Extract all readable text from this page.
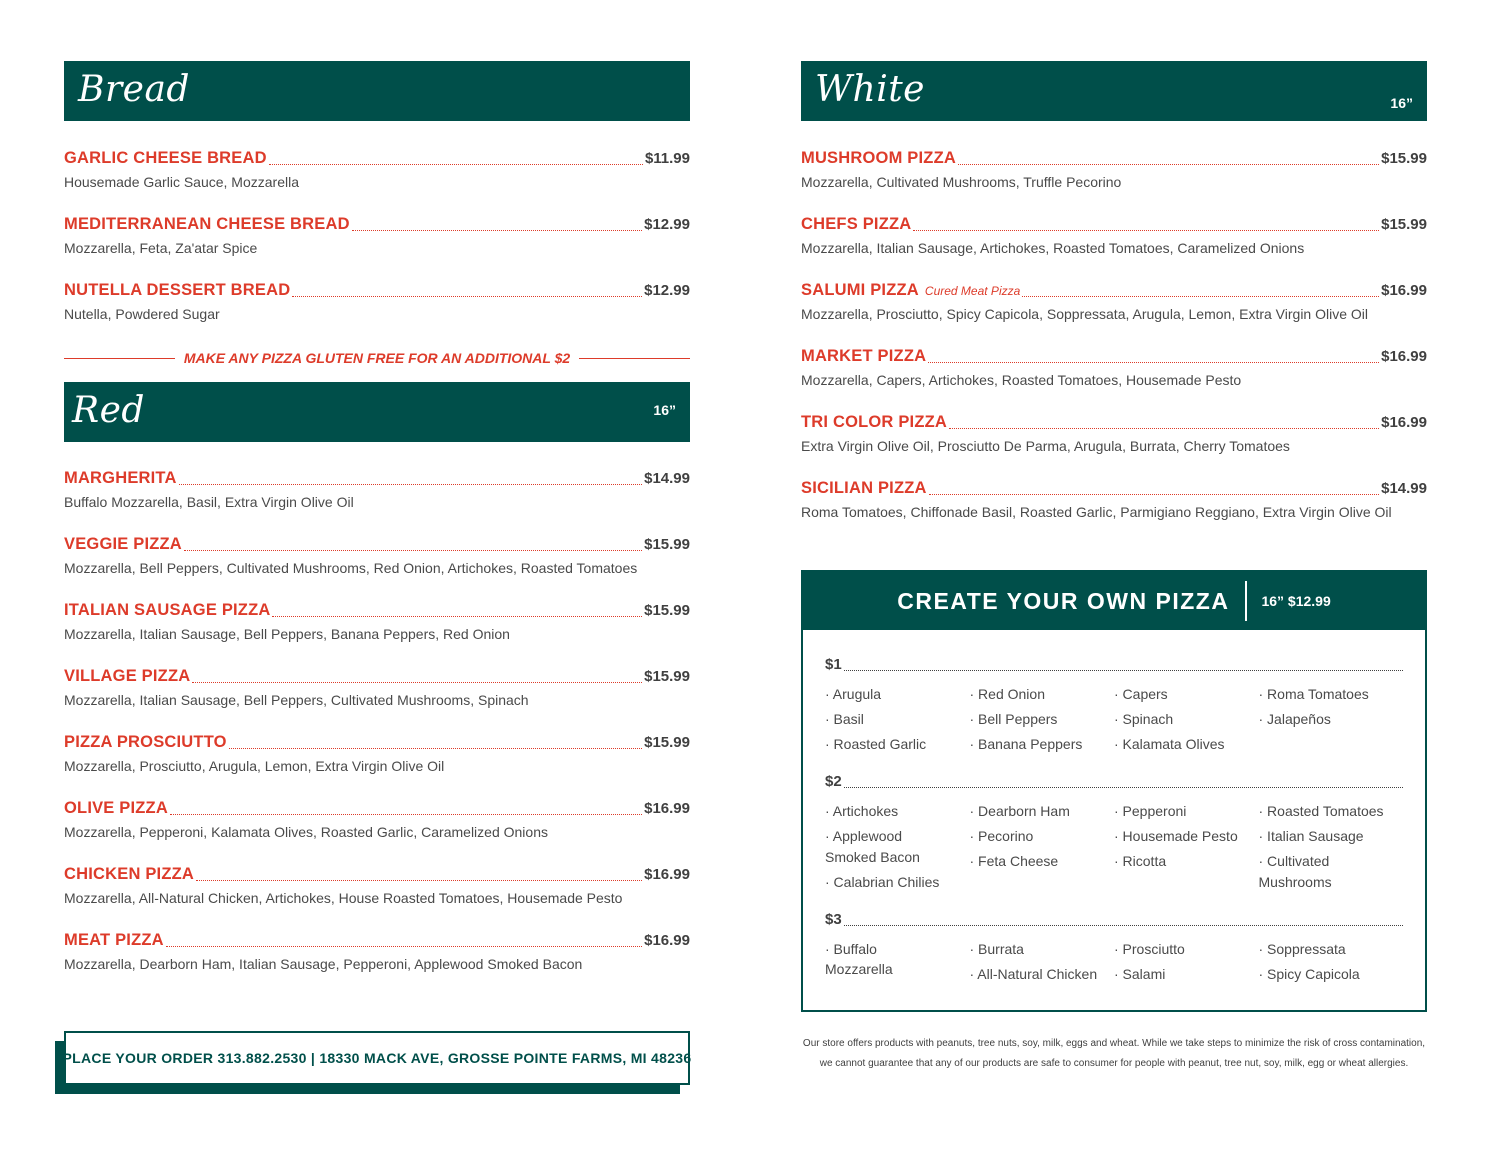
Bread
GARLIC CHEESE BREAD	$11.99
Housemade Garlic Sauce, Mozzarella
MEDITERRANEAN CHEESE BREAD	$12.99
Mozzarella, Feta, Za'atar Spice
NUTELLA DESSERT BREAD	$12.99
Nutella, Powdered Sugar
MAKE ANY PIZZA GLUTEN FREE FOR AN ADDITIONAL $2
Red	16”
MARGHERITA	$14.99
Buffalo Mozzarella, Basil, Extra Virgin Olive Oil
VEGGIE PIZZA	$15.99
Mozzarella, Bell Peppers, Cultivated Mushrooms, Red Onion, Artichokes, Roasted Tomatoes
ITALIAN SAUSAGE PIZZA	$15.99
Mozzarella, Italian Sausage, Bell Peppers, Banana Peppers, Red Onion
VILLAGE PIZZA	$15.99
Mozzarella, Italian Sausage, Bell Peppers, Cultivated Mushrooms, Spinach
PIZZA PROSCIUTTO	$15.99
Mozzarella, Prosciutto, Arugula, Lemon, Extra Virgin Olive Oil
OLIVE PIZZA	$16.99
Mozzarella, Pepperoni, Kalamata Olives, Roasted Garlic, Caramelized Onions
CHICKEN PIZZA	$16.99
Mozzarella, All-Natural Chicken, Artichokes, House Roasted Tomatoes, Housemade Pesto
MEAT PIZZA	$16.99
Mozzarella, Dearborn Ham, Italian Sausage, Pepperoni, Applewood Smoked Bacon
PLACE YOUR ORDER 313.882.2530 | 18330 MACK AVE, GROSSE POINTE FARMS, MI 48236
White	16”
MUSHROOM PIZZA	$15.99
Mozzarella, Cultivated Mushrooms, Truffle Pecorino
CHEFS PIZZA	$15.99
Mozzarella, Italian Sausage, Artichokes, Roasted Tomatoes, Caramelized Onions
SALUMI PIZZA Cured Meat Pizza	$16.99
Mozzarella, Prosciutto, Spicy Capicola, Soppressata, Arugula, Lemon, Extra Virgin Olive Oil
MARKET PIZZA	$16.99
Mozzarella, Capers, Artichokes, Roasted Tomatoes, Housemade Pesto
TRI COLOR PIZZA	$16.99
Extra Virgin Olive Oil, Prosciutto De Parma, Arugula, Burrata, Cherry Tomatoes
SICILIAN PIZZA	$14.99
Roma Tomatoes, Chiffonade Basil, Roasted Garlic, Parmigiano Reggiano, Extra Virgin Olive Oil
CREATE YOUR OWN PIZZA 16” $12.99
$1
· Arugula
· Basil
· Roasted Garlic
· Red Onion
· Bell Peppers
· Banana Peppers
· Capers
· Spinach
· Kalamata Olives
· Roma Tomatoes
· Jalapeños
$2
· Artichokes
· Applewood Smoked Bacon
· Calabrian Chilies
· Dearborn Ham
· Pecorino
· Feta Cheese
· Pepperoni
· Housemade Pesto
· Ricotta
· Roasted Tomatoes
· Italian Sausage
· Cultivated Mushrooms
$3
· Buffalo Mozzarella
· Burrata
· All-Natural Chicken
· Prosciutto
· Salami
· Soppressata
· Spicy Capicola
Our store offers products with peanuts, tree nuts, soy, milk, eggs and wheat. While we take steps to minimize the risk of cross contamination, we cannot guarantee that any of our products are safe to consumer for people with peanut, tree nut, soy, milk, egg or wheat allergies.
